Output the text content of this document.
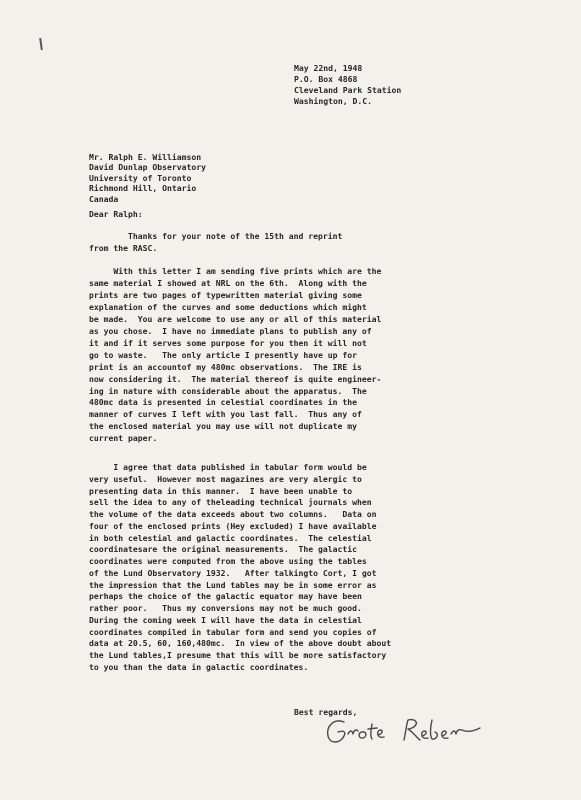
May 22nd, 1948
P.O. Box 4868
Cleveland Park Station
Washington, D.C.
Mr. Ralph E. Williamson
David Dunlap Observatory
University of Toronto
Richmond Hill, Ontario
Canada
Dear Ralph:
Thanks for your note of the 15th and reprint
from the RASC.
With this letter I am sending five prints which are the
same material I showed at NRL on the 6th.  Along with the
prints are two pages of typewritten material giving some
explanation of the curves and some deductions which might
be made.  You are welcome to use any or all of this material
as you chose.  I have no immediate plans to publish any of
it and if it serves some purpose for you then it will not
go to waste.   The only article I presently have up for
print is an accountof my 480mc observations.  The IRE is
now considering it.  The material thereof is quite engineer-
ing in nature with considerable about the apparatus.  The
480mc data is presented in celestial coordinates in the
manner of curves I left with you last fall.  Thus any of
the enclosed material you may use will not duplicate my
current paper.
I agree that data published in tabular form would be
very useful.  However most magazines are very alergic to
presenting data in this manner.  I have been unable to
sell the idea to any of theleading technical journals when
the volume of the data exceeds about two columns.   Data on
four of the enclosed prints (Hey excluded) I have available
in both celestial and galactic coordinates.  The celestial
coordinatesare the original measurements.  The galactic
coordinates were computed from the above using the tables
of the Lund Observatory 1932.   After talkingto Cort, I got
the impression that the Lund tables may be in some error as
perhaps the choice of the galactic equator may have been
rather poor.   Thus my conversions may not be much good.
During the coming week I will have the data in celestial
coordinates compiled in tabular form and send you copies of
data at 20.5, 60, 160,480mc.  In view of the above doubt about
the Lund tables,I presume that this will be more satisfactory
to you than the data in galactic coordinates.
Best regards,
